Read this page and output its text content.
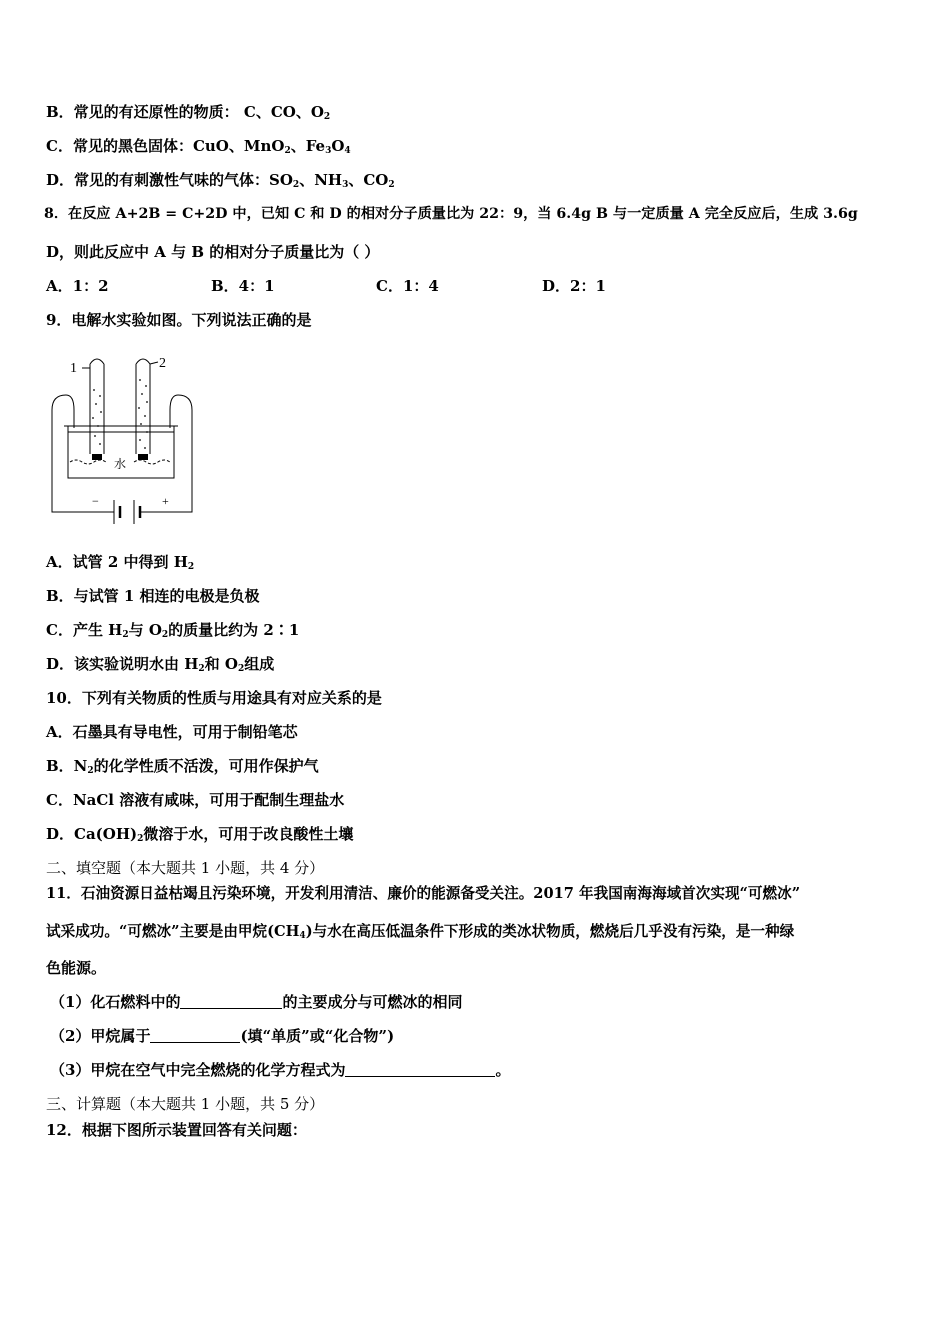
B．常见的有还原性的物质： C、CO、$O_2$
C．常见的黑色固体：CuO、MnO$_2$、$Fe_3O_4$
D．常见的有刺激性气味的气体：$SO_2$、$NH_3$、$CO_2$
8．在反应 A+2B = C+2D 中，已知 C 和 D 的相对分子质量比为 22：9，当 6.4g B 与一定质量 A 完全反应后，生成 3.6g
D，则此反应中 A 与 B 的相对分子质量比为（ ）
A．1：2	B．4：1	C．1：4	D．2：1
9．电解水实验如图。下列说法正确的是
1	2
水
−	+
A．试管 2 中得到 $H_2$
B．与试管 1 相连的电极是负极
C．产生 $H_2$与 $O_2$的质量比约为 2∶1
D．该实验说明水由 $H_2$和 $O_2$组成
10．下列有关物质的性质与用途具有对应关系的是
A．石墨具有导电性，可用于制铅笔芯
B．$N_2$的化学性质不活泼，可用作保护气
C．NaCl 溶液有咸味，可用于配制生理盐水
D．$Ca(OH)_2$微溶于水，可用于改良酸性土壤
二、填空题（本大题共 1 小题，共 4 分）
11．石油资源日益枯竭且污染环境，开发利用清洁、廉价的能源备受关注。2017 年我国南海海域首次实现“可燃冰”
试采成功。“可燃冰”主要是由甲烷$(CH_4)$与水在高压低温条件下形成的类冰状物质，燃烧后几乎没有污染，是一种绿
色能源。
（1）化石燃料中的	的主要成分与可燃冰的相同
（2）甲烷属于	(填“单质”或“化合物”)
（3）甲烷在空气中完全燃烧的化学方程式为	。
三、计算题（本大题共 1 小题，共 5 分）
12．根据下图所示装置回答有关问题：
